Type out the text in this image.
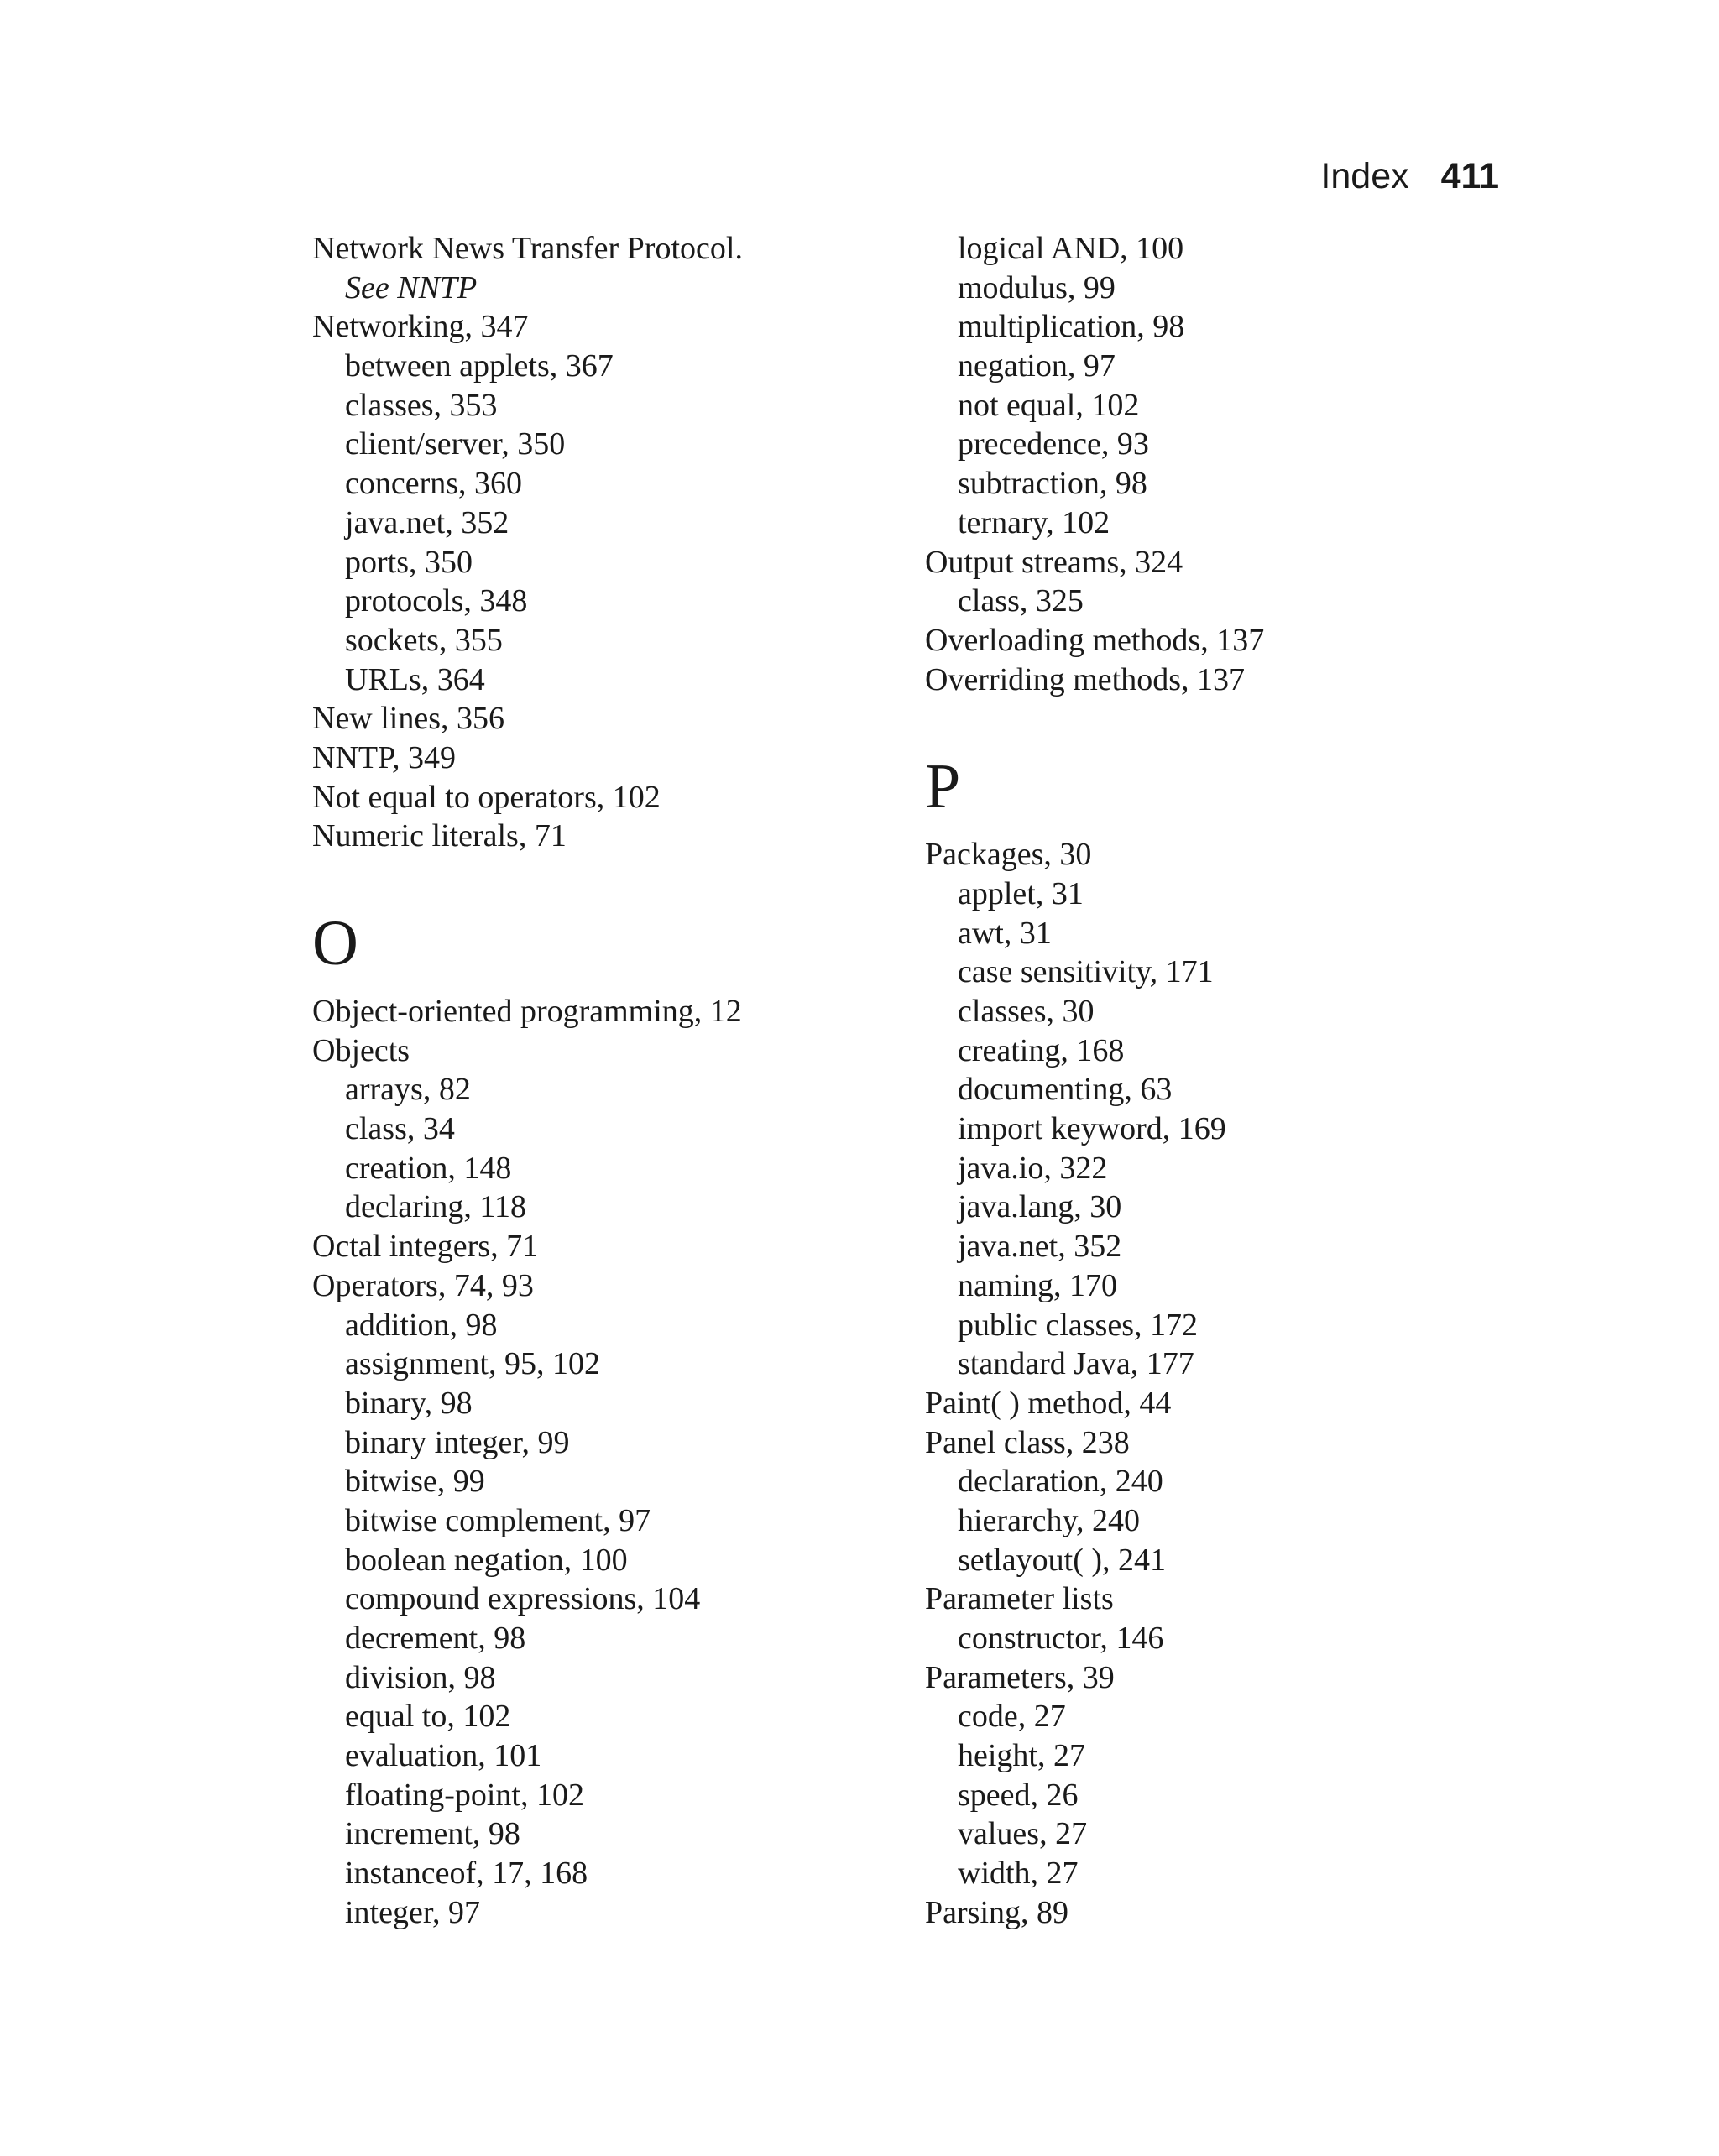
Index 411
Network News Transfer Protocol.
See NNTP
Networking, 347
between applets, 367
classes, 353
client/server, 350
concerns, 360
java.net, 352
ports, 350
protocols, 348
sockets, 355
URLs, 364
New lines, 356
NNTP, 349
Not equal to operators, 102
Numeric literals, 71
O
Object-oriented programming, 12
Objects
arrays, 82
class, 34
creation, 148
declaring, 118
Octal integers, 71
Operators, 74, 93
addition, 98
assignment, 95, 102
binary, 98
binary integer, 99
bitwise, 99
bitwise complement, 97
boolean negation, 100
compound expressions, 104
decrement, 98
division, 98
equal to, 102
evaluation, 101
floating-point, 102
increment, 98
instanceof, 17, 168
integer, 97
logical AND, 100
modulus, 99
multiplication, 98
negation, 97
not equal, 102
precedence, 93
subtraction, 98
ternary, 102
Output streams, 324
class, 325
Overloading methods, 137
Overriding methods, 137
P
Packages, 30
applet, 31
awt, 31
case sensitivity, 171
classes, 30
creating, 168
documenting, 63
import keyword, 169
java.io, 322
java.lang, 30
java.net, 352
naming, 170
public classes, 172
standard Java, 177
Paint( ) method, 44
Panel class, 238
declaration, 240
hierarchy, 240
setlayout( ), 241
Parameter lists
constructor, 146
Parameters, 39
code, 27
height, 27
speed, 26
values, 27
width, 27
Parsing, 89
